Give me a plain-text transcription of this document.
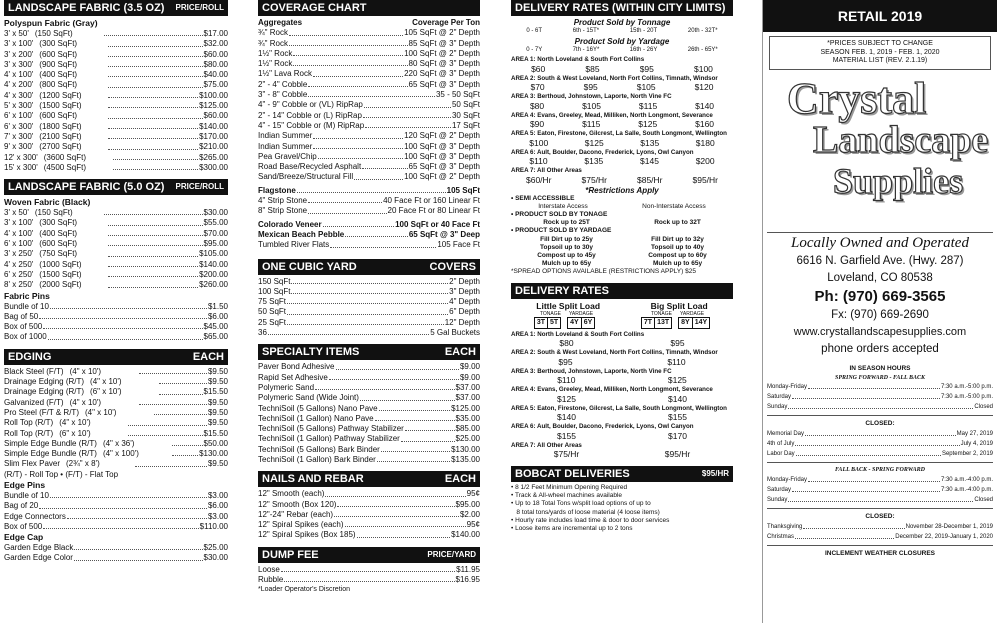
LANDSCAPE FABRIC (3.5 OZ) PRICE/ROLL
Polyspun Fabric (Gray)
3' x 50' (150 SqFt)	$17.00
3' x 100' (300 SqFt)	$32.00
3' x 200' (600 SqFt)	$60.00
3' x 300' (900 SqFt)	$80.00
4' x 100' (400 SqFt)	$40.00
4' x 200' (800 SqFt)	$75.00
4' x 300' (1200 SqFt)	$100.00
5' x 300' (1500 SqFt)	$125.00
6' x 100' (600 SqFt)	$60.00
6' x 300' (1800 SqFt)	$140.00
7' x 300' (2100 SqFt)	$170.00
9' x 300' (2700 SqFt)	$210.00
12' x 300' (3600 SqFt)	$265.00
15' x 300' (4500 SqFt)	$300.00
LANDSCAPE FABRIC (5.0 OZ) PRICE/ROLL
Woven Fabric (Black)
3' x 50' (150 SqFt)	$30.00
3' x 100' (300 SqFt)	$55.00
4' x 100' (400 SqFt)	$70.00
6' x 100' (600 SqFt)	$95.00
3' x 250' (750 SqFt)	$105.00
4' x 250' (1000 SqFt)	$140.00
6' x 250' (1500 SqFt)	$200.00
8' x 250' (2000 SqFt)	$260.00
Fabric Pins
Bundle of 10	$1.50
Bag of 50	$6.00
Box of 500	$45.00
Box of 1000	$65.00
EDGING	EACH
Black Steel (F/T) (4" x 10')	$9.50
Drainage Edging (R/T) (4" x 10')	$9.50
Drainage Edging (R/T) (6" x 10')	$15.50
Galvanized (F/T) (4" x 10')	$9.50
Pro Steel (F/T & R/T) (4" x 10')	$9.50
Roll Top (R/T) (4" x 10')	$9.50
Roll Top (R/T) (6" x 10')	$15.50
Simple Edge Bundle (R/T) (4" x 36')	$50.00
Simple Edge Bundle (R/T) (4" x 100')	$130.00
Slim Flex Paver (2¾" x 8')	$9.50
(R/T) - Roll Top • (F/T) - Flat Top
Edge Pins
Bundle of 10	$3.00
Bag of 20	$6.00
Edge Connectors	$3.00
Box of 500	$110.00
Edge Cap
Garden Edge Black	$25.00
Garden Edge Color	$30.00
COVERAGE CHART
Aggregates	Coverage Per Ton
¾" Rock	105 SqFt @ 2" Depth
¾" Rock	85 SqFt @ 3" Depth
1½" Rock	100 SqFt @ 2" Depth
1½" Rock	80 SqFt @ 3" Depth
1½" Lava Rock	220 SqFt @ 3" Depth
2" - 4" Cobble	65 SqFt @ 3" Depth
3" - 8" Cobble	35 - 50 SqFt
4" - 9" Cobble or (VL) RipRap	50 SqFt
2" - 14" Cobble or (L) RipRap	30 SqFt
4" - 15" Cobble or (M) RipRap	17 SqFt
Indian Summer	120 SqFt @ 2" Depth
Indian Summer	100 SqFt @ 3" Depth
Pea Gravel/Chip	100 SqFt @ 3" Depth
Road Base/Recycled Asphalt	65 SqFt @ 3" Depth
Sand/Breeze/Structural Fill	100 SqFt @ 2" Depth
Flagstone	105 SqFt
4" Strip Stone	40 Face Ft or 160 Linear Ft
8" Strip Stone	20 Face Ft or 80 Linear Ft
Colorado Veneer	100 SqFt or 40 Face Ft
Mexican Beach Pebble	65 SqFt @ 3" Deep
Tumbled River Flats	105 Face Ft
ONE CUBIC YARD	COVERS
150 SqFt	2" Depth
100 SqFt	3" Depth
75 SqFt	4" Depth
50 SqFt	6" Depth
25 SqFt	12" Depth
36	5 Gal Buckets
SPECIALTY ITEMS	EACH
Paver Bond Adhesive	$9.00
Rapid Set Adhesive	$9.00
Polymeric Sand	$37.00
Polymeric Sand (Wide Joint)	$37.00
TechniSoil (5 Gallons) Nano Pave	$125.00
TechniSoil (1 Gallon) Nano Pave	$35.00
TechniSoil (5 Gallons) Pathway Stabilizer	$85.00
TechniSoil (1 Gallon) Pathway Stabilizer	$25.00
TechniSoil (5 Gallons) Bark Binder	$130.00
TechniSoil (1 Gallon) Bark Binder	$135.00
NAILS AND REBAR	EACH
12" Smooth (each)	95¢
12" Smooth (Box 120)	$95.00
12"-24" Rebar (each)	$2.00
12" Spiral Spikes (each)	95¢
12" Spiral Spikes (Box 185)	$140.00
DUMP FEE	PRICE/YARD
Loose	$11.95
Rubble	$16.95
*Loader Operator's Discretion
DELIVERY RATES (WITHIN CITY LIMITS)
Product Sold by Tonnage
0 - 6T	6th - 15T*	15th - 20T	20th - 32T*
Product Sold by Yardage
0 - 7Y	7th - 16Y*	16th - 26Y	26th - 65Y*
AREA 1: North Loveland & South Fort Collins
$60	$85	$95	$100
AREA 2: South & West Loveland, North Fort Collins, Timnath, Windsor
$70	$95	$105	$120
AREA 3: Berthoud, Johnstown, Laporte, North Vine FC
$80	$105	$115	$140
AREA 4: Evans, Greeley, Mead, Milliken, North Longmont, Severance
$90	$115	$125	$160
AREA 5: Eaton, Firestone, Gilcrest, La Salle, South Longmont, Wellington
$100	$125	$135	$180
AREA 6: Ault, Boulder, Dacono, Frederick, Lyons, Owl Canyon
$110	$135	$145	$200
AREA 7: All Other Areas
$60/Hr	$75/Hr	$85/Hr	$95/Hr
*Restrictions Apply
• SEMI ACCESSIBLE
Interstate Access	Non-Interstate Access
• PRODUCT SOLD BY TONAGE
Rock up to 25T	Rock up to 32T
• PRODUCT SOLD BY YARDAGE
Fill Dirt up to 25y	Fill Dirt up to 32y
Topsoil up to 30y	Topsoil up to 40y
Compost up to 45y	Compost up to 60y
Mulch up to 65y	Mulch up to 65y
*SPREAD OPTIONS AVAILABLE (RESTRICTIONS APPLY) $25
DELIVERY RATES
Little Split Load	Big Split Load
TONAGE YARDAGE	TONAGE YARDAGE
3T 5T 4Y 6Y	7T 13T 8Y 14Y
AREA 1: North Loveland & South Fort Collins
$80	$95
AREA 2: South & West Loveland, North Fort Collins, Timnath, Windsor
$95	$110
AREA 3: Berthoud, Johnstown, Laporte, North Vine FC
$110	$125
AREA 4: Evans, Greeley, Mead, Milliken, North Longmont, Severance
$125	$140
AREA 5: Eaton, Firestone, Gilcrest, La Salle, South Longmont, Wellington
$140	$155
AREA 6: Ault, Boulder, Dacono, Frederick, Lyons, Owl Canyon
$155	$170
AREA 7: All Other Areas
$75/Hr	$95/Hr
BOBCAT DELIVERIES	$95/HR
• 8 1/2 Feet Minimum Opening Required
• Track & All-wheel machines available
• Up to 18 Total Tons w/split load options of up to
8 total tons/yards of loose material (4 loose items)
• Hourly rate includes load time & door to door services
• Loose items are incremental up to 2 tons
RETAIL 2019
*PRICES SUBJECT TO CHANGE
SEASON FEB. 1, 2019 - FEB. 1, 2020
MATERIAL LIST (REV. 2.1.19)
Crystal
Landscape
Supplies
Locally Owned and Operated
6616 N. Garfield Ave. (Hwy. 287)
Loveland, CO 80538
Ph: (970) 669-3565
Fx: (970) 669-2690
www.crystallandscapesupplies.com
phone orders accepted
IN SEASON HOURS
SPRING FORWARD - FALL BACK
Monday-Friday	7:30 a.m.-5:00 p.m.
Saturday	7:30 a.m.-5:00 p.m.
Sunday	Closed
CLOSED:
Memorial Day	May 27, 2019
4th of July	July 4, 2019
Labor Day	September 2, 2019
FALL BACK - SPRING FORWARD
Monday-Friday	7:30 a.m.-4:00 p.m.
Saturday	7:30 a.m.-4:00 p.m.
Sunday	Closed
CLOSED:
Thanksgiving	November 28-December 1, 2019
Christmas	December 22, 2019-January 1, 2020
INCLEMENT WEATHER CLOSURES
